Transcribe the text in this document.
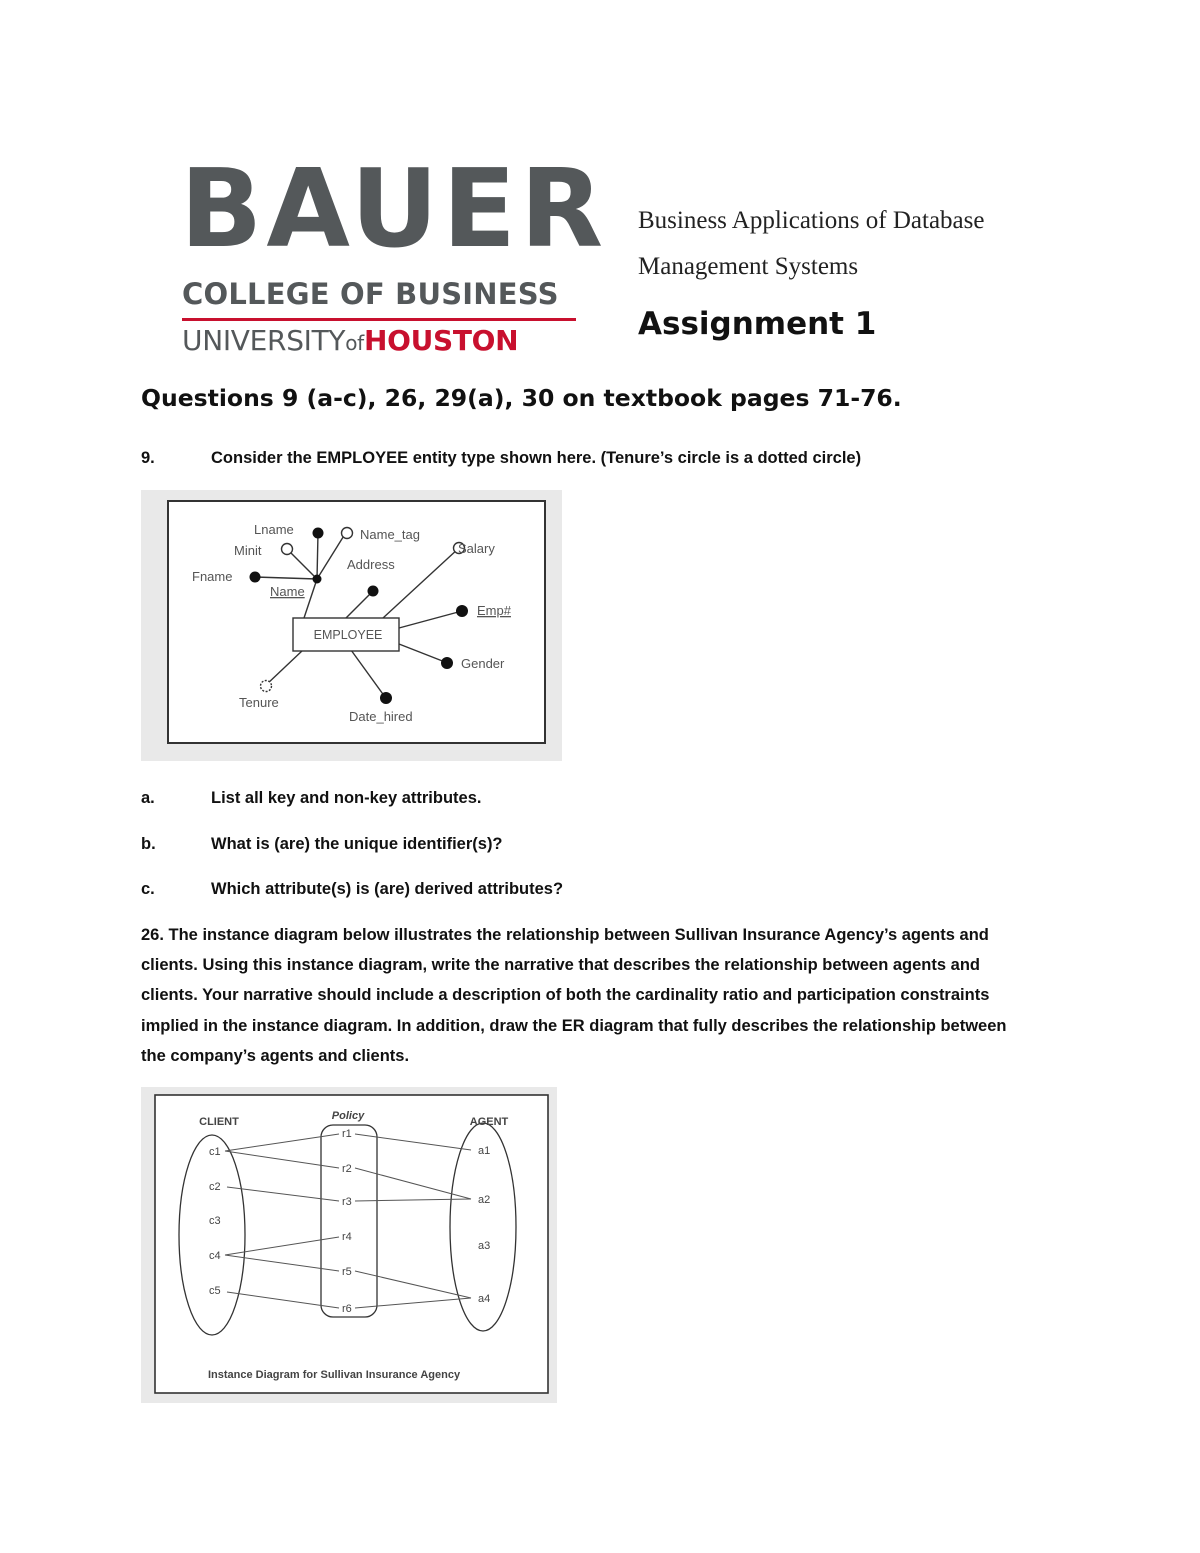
BAUER
COLLEGE OF BUSINESS
UNIVERSITYofHOUSTON
Business Applications of Database
Management Systems
Assignment 1
Questions 9 (a-c), 26, 29(a), 30 on textbook pages 71-76.
9.	Consider the EMPLOYEE entity type shown here. (Tenure’s circle is a dotted circle)
EMPLOYEE
Lname
Minit
Fname
Name
Name_tag
Address
Salary
Emp#
Gender
Tenure
Date_hired
a.	List all key and non-key attributes.
b.	What is (are) the unique identifier(s)?
c.	Which attribute(s) is (are) derived attributes?
26. The instance diagram below illustrates the relationship between Sullivan Insurance Agency’s agents and
clients. Using this instance diagram, write the narrative that describes the relationship between agents and
clients. Your narrative should include a description of both the cardinality ratio and participation constraints
implied in the instance diagram. In addition, draw the ER diagram that fully describes the relationship between
the company’s agents and clients.
CLIENT	Policy	AGENT
c1
c2
c3
c4
c5
r1
r2
r3
r4
r5
r6
a1
a2
a3
a4
Instance Diagram for Sullivan Insurance Agency
